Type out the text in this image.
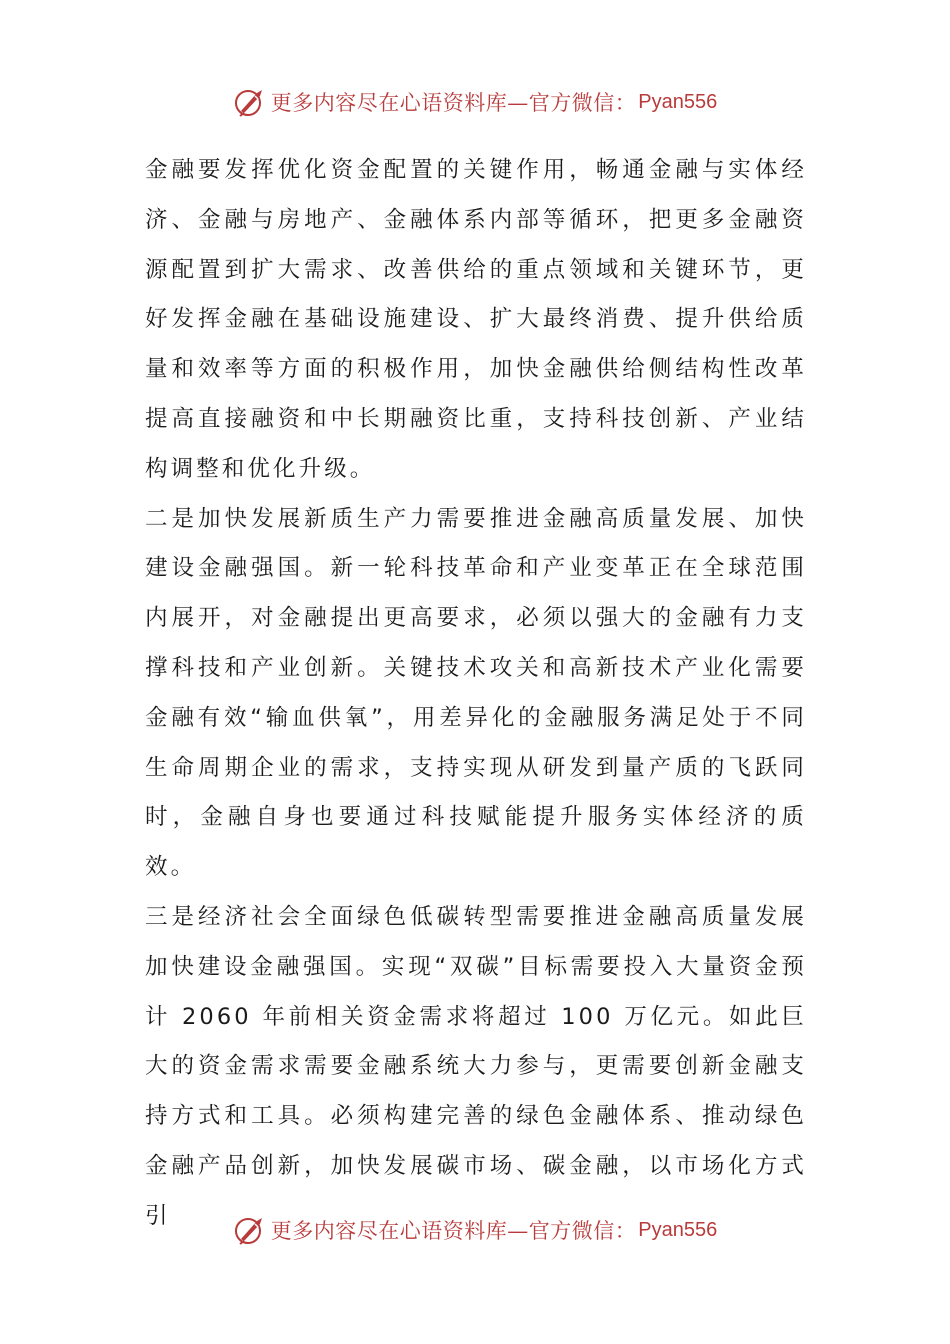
更多内容尽在心语资料库—官方微信： Pyan556

金融要发挥优化资金配置的关键作用，畅通金融与实体经济、金融与房地产、金融体系内部等循环，把更多金融资源配置到扩大需求、改善供给的重点领域和关键环节，更好发挥金融在基础设施建设、扩大最终消费、提升供给质量和效率等方面的积极作用，加快金融供给侧结构性改革提高直接融资和中长期融资比重，支持科技创新、产业结构调整和优化升级。

二是加快发展新质生产力需要推进金融高质量发展、加快建设金融强国。新一轮科技革命和产业变革正在全球范围内展开，对金融提出更高要求，必须以强大的金融有力支撑科技和产业创新。关键技术攻关和高新技术产业化需要金融有效“输血供氧”，用差异化的金融服务满足处于不同生命周期企业的需求，支持实现从研发到量产质的飞跃同时，金融自身也要通过科技赋能提升服务实体经济的质效。

三是经济社会全面绿色低碳转型需要推进金融高质量发展加快建设金融强国。实现“双碳”目标需要投入大量资金预计 2060 年前相关资金需求将超过 100 万亿元。如此巨大的资金需求需要金融系统大力参与，更需要创新金融支持方式和工具。必须构建完善的绿色金融体系、推动绿色金融产品创新，加快发展碳市场、碳金融，以市场化方式引

更多内容尽在心语资料库—官方微信： Pyan556
